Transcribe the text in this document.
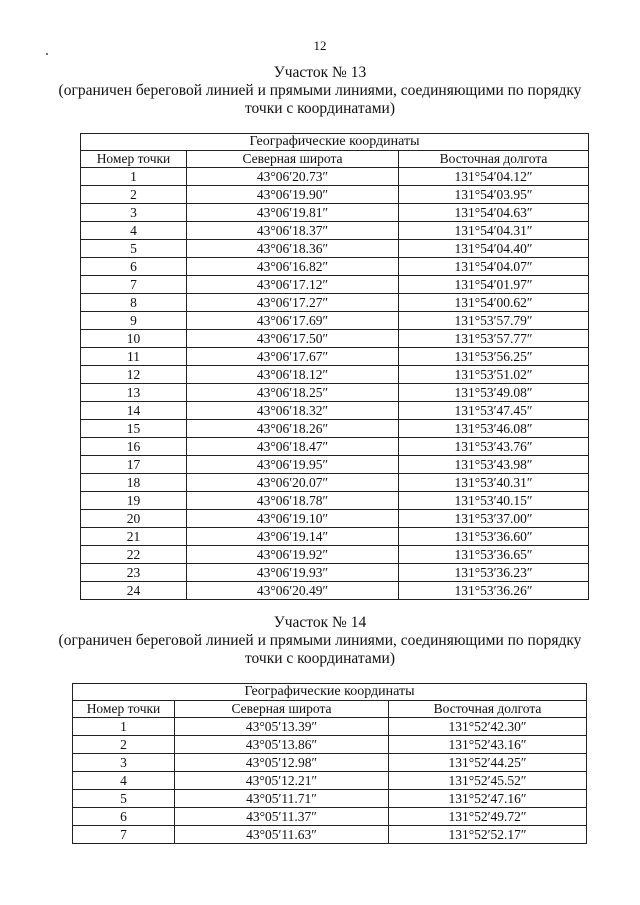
12
Участок № 13
(ограничен береговой линией и прямыми линиями, соединяющими по порядку точки с координатами)
Географические координаты		
Номер точки	Северная широта	Восточная долгота
1	43°06′20.73″	131°54′04.12″
2	43°06′19.90″	131°54′03.95″
3	43°06′19.81″	131°54′04.63″
4	43°06′18.37″	131°54′04.31″
5	43°06′18.36″	131°54′04.40″
6	43°06′16.82″	131°54′04.07″
7	43°06′17.12″	131°54′01.97″
8	43°06′17.27″	131°54′00.62″
9	43°06′17.69″	131°53′57.79″
10	43°06′17.50″	131°53′57.77″
11	43°06′17.67″	131°53′56.25″
12	43°06′18.12″	131°53′51.02″
13	43°06′18.25″	131°53′49.08″
14	43°06′18.32″	131°53′47.45″
15	43°06′18.26″	131°53′46.08″
16	43°06′18.47″	131°53′43.76″
17	43°06′19.95″	131°53′43.98″
18	43°06′20.07″	131°53′40.31″
19	43°06′18.78″	131°53′40.15″
20	43°06′19.10″	131°53′37.00″
21	43°06′19.14″	131°53′36.60″
22	43°06′19.92″	131°53′36.65″
23	43°06′19.93″	131°53′36.23″
24	43°06′20.49″	131°53′36.26″
Участок № 14
(ограничен береговой линией и прямыми линиями, соединяющими по порядку точки с координатами)
Географические координаты		
Номер точки	Северная широта	Восточная долгота
1	43°05′13.39″	131°52′42.30″
2	43°05′13.86″	131°52′43.16″
3	43°05′12.98″	131°52′44.25″
4	43°05′12.21″	131°52′45.52″
5	43°05′11.71″	131°52′47.16″
6	43°05′11.37″	131°52′49.72″
7	43°05′11.63″	131°52′52.17″
